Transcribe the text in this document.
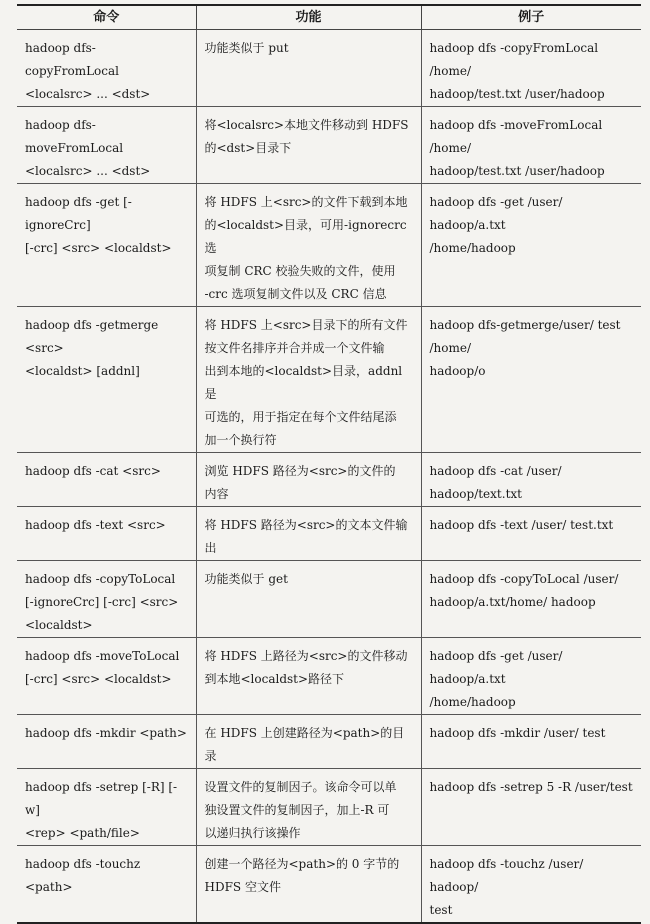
命令	功能	例子

hadoop dfs-copyFromLocal
<localsrc> ... <dst>	功能类似于 put	hadoop dfs -copyFromLocal /home/
hadoop/test.txt /user/hadoop

hadoop dfs-moveFromLocal
<localsrc> ... <dst>	将<localsrc>本地文件移动到 HDFS
的<dst>目录下	hadoop dfs -moveFromLocal /home/
hadoop/test.txt /user/hadoop

hadoop dfs -get [-ignoreCrc]
[-crc] <src> <localdst>	将 HDFS 上<src>的文件下载到本地
的<localdst>目录，可用-ignorecrc 选
项复制 CRC 校验失败的文件，使用
-crc 选项复制文件以及 CRC 信息	hadoop dfs -get /user/ hadoop/a.txt
/home/hadoop

hadoop dfs -getmerge <src>
<localdst> [addnl]	将 HDFS 上<src>目录下的所有文件
按文件名排序并合并成一个文件输
出到本地的<localdst>目录，addnl 是
可选的，用于指定在每个文件结尾添
加一个换行符	hadoop dfs-getmerge/user/ test /home/
hadoop/o

hadoop dfs -cat <src>	浏览 HDFS 路径为<src>的文件的
内容	hadoop dfs -cat /user/ hadoop/text.txt

hadoop dfs -text <src>	将 HDFS 路径为<src>的文本文件输出	hadoop dfs -text /user/ test.txt

hadoop dfs -copyToLocal
[-ignoreCrc] [-crc] <src>
<localdst>	功能类似于 get	hadoop dfs -copyToLocal /user/
hadoop/a.txt/home/ hadoop

hadoop dfs -moveToLocal
[-crc] <src> <localdst>	将 HDFS 上路径为<src>的文件移动
到本地<localdst>路径下	hadoop dfs -get /user/ hadoop/a.txt
/home/hadoop

hadoop dfs -mkdir <path>	在 HDFS 上创建路径为<path>的目录	hadoop dfs -mkdir /user/ test

hadoop dfs -setrep [-R] [-w]
<rep> <path/file>	设置文件的复制因子。该命令可以单
独设置文件的复制因子，加上-R 可
以递归执行该操作	hadoop dfs -setrep 5 -R /user/test

hadoop dfs -touchz <path>	创建一个路径为<path>的 0 字节的
HDFS 空文件	hadoop dfs -touchz /user/ hadoop/
test
